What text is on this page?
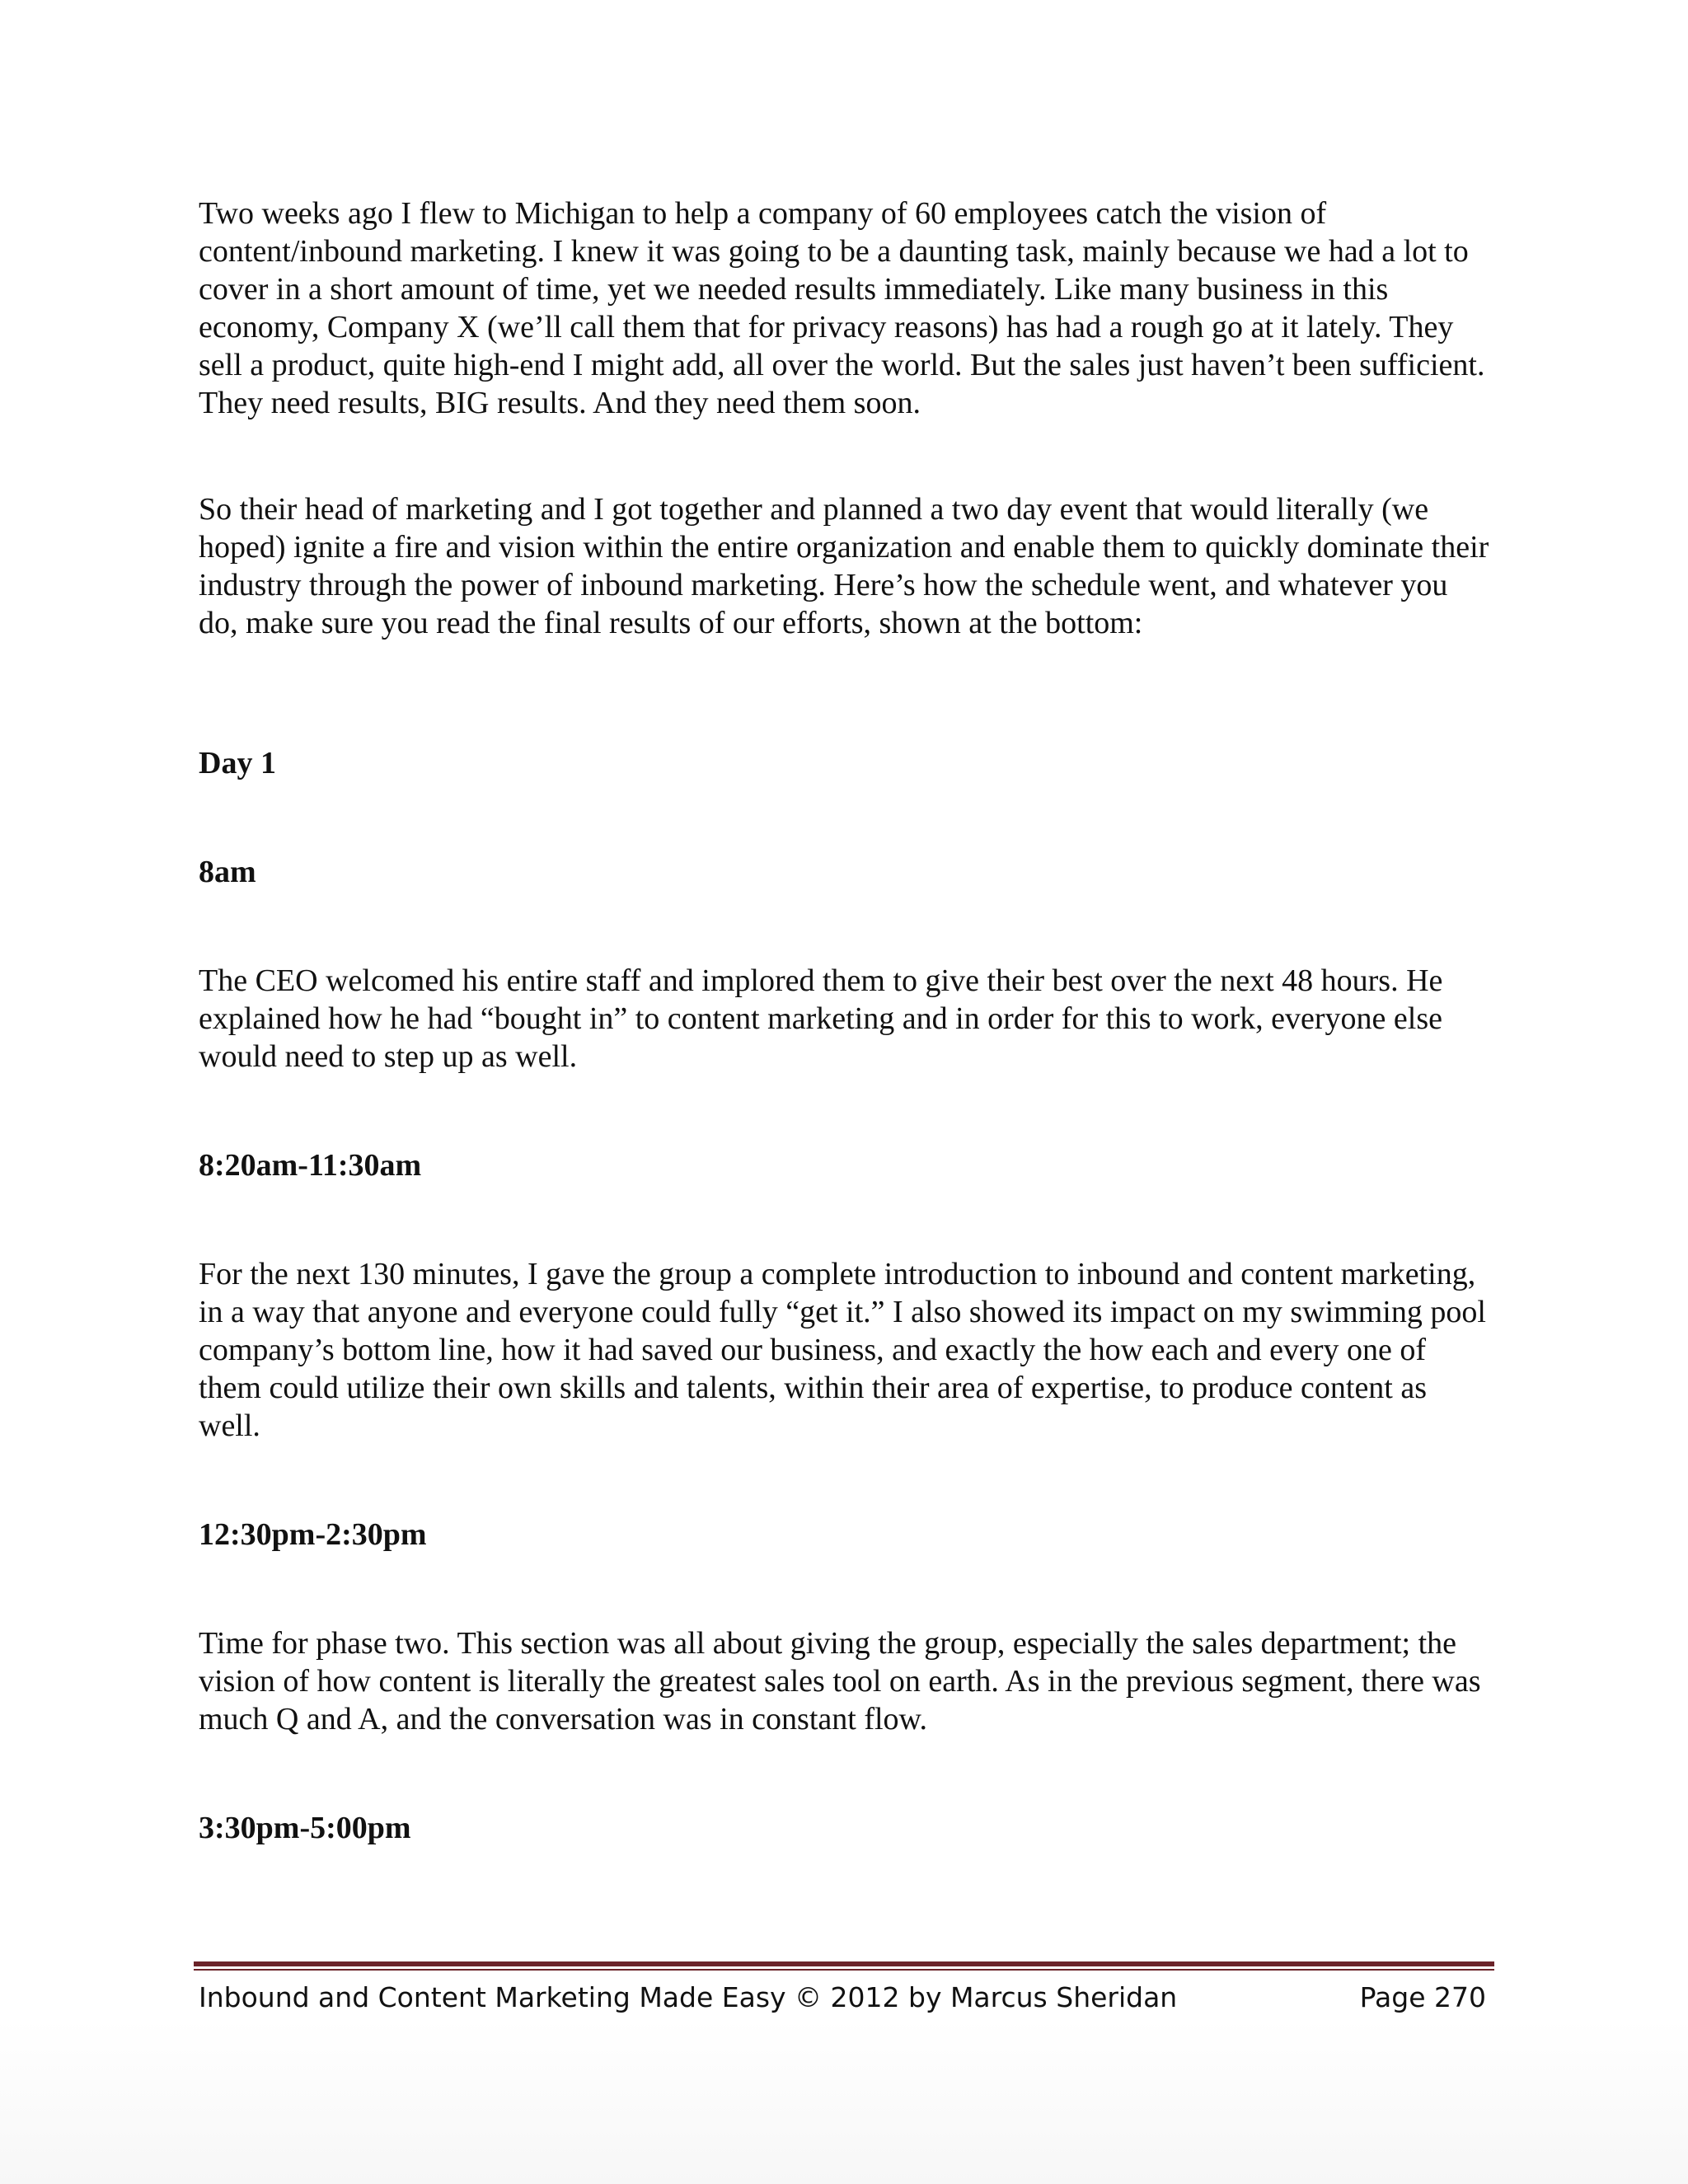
Two weeks ago I flew to Michigan to help a company of 60 employees catch the vision of content/inbound marketing. I knew it was going to be a daunting task, mainly because we had a lot to cover in a short amount of time, yet we needed results immediately. Like many business in this economy, Company X (we’ll call them that for privacy reasons) has had a rough go at it lately. They sell a product, quite high-end I might add, all over the world. But the sales just haven’t been sufficient. They need results, BIG results. And they need them soon.

So their head of marketing and I got together and planned a two day event that would literally (we hoped) ignite a fire and vision within the entire organization and enable them to quickly dominate their industry through the power of inbound marketing. Here’s how the schedule went, and whatever you do, make sure you read the final results of our efforts, shown at the bottom:

Day 1

8am

The CEO welcomed his entire staff and implored them to give their best over the next 48 hours. He explained how he had “bought in” to content marketing and in order for this to work, everyone else would need to step up as well.

8:20am-11:30am

For the next 130 minutes, I gave the group a complete introduction to inbound and content marketing, in a way that anyone and everyone could fully “get it.” I also showed its impact on my swimming pool company’s bottom line, how it had saved our business, and exactly the how each and every one of them could utilize their own skills and talents, within their area of expertise, to produce content as well.

12:30pm-2:30pm

Time for phase two. This section was all about giving the group, especially the sales department; the vision of how content is literally the greatest sales tool on earth. As in the previous segment, there was much Q and A, and the conversation was in constant flow.

3:30pm-5:00pm

Inbound and Content Marketing Made Easy © 2012 by Marcus Sheridan	Page 270
